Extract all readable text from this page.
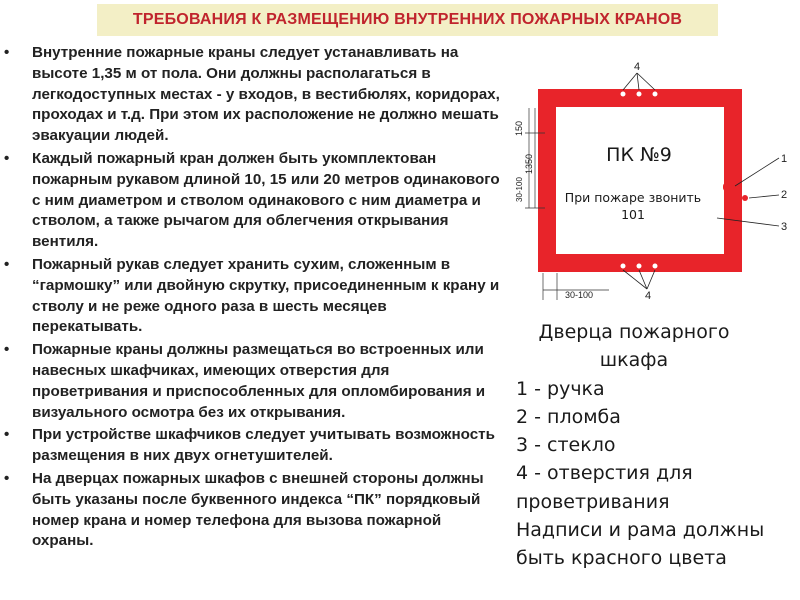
ТРЕБОВАНИЯ К РАЗМЕЩЕНИЮ ВНУТРЕННИХ ПОЖАРНЫХ КРАНОВ
• Внутренние пожарные краны следует устанавливать на высоте 1,35 м от пола. Они должны располагаться в легкодоступных местах - у входов, в вестибюлях, коридорах, проходах и т.д. При этом их расположение не должно мешать эвакуации людей.
• Каждый пожарный кран должен быть укомплектован пожарным рукавом длиной 10, 15 или 20 метров одинакового с ним диаметром и стволом одинакового с ним диаметра и стволом, а также рычагом для облегчения открывания вентиля.
• Пожарный рукав следует хранить сухим, сложенным в “гармошку” или двойную скрутку, присоединенным к крану и стволу и не реже одного раза в шесть месяцев перекатывать.
• Пожарные краны должны размещаться во встроенных или навесных шкафчиках, имеющих отверстия для проветривания и приспособленных для опломбирования и визуального осмотра без их открывания.
• При устройстве шкафчиков следует учитывать возможность размещения в них двух огнетушителей.
• На дверцах пожарных шкафов с внешней стороны должны быть указаны после буквенного индекса “ПК” порядковый номер крана и номер телефона для вызова пожарной охраны.
ПК №9
При пожаре звонить
101
4
4
1
2
3
150
1350
30-100
30-100
Дверца пожарного
шкафа
1 - ручка
2 - пломба
3 - стекло
4 - отверстия для
проветривания
Надписи и рама должны
быть красного цвета
